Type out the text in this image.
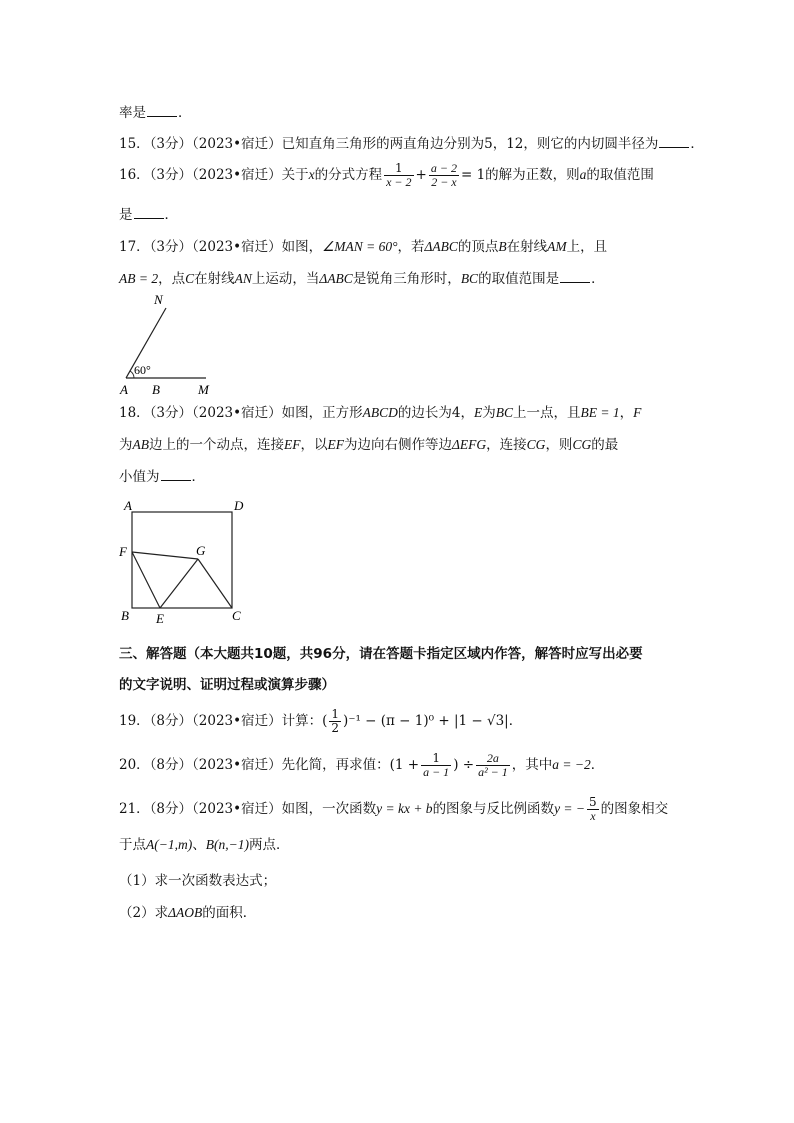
率是 ．
15．（3分）（2023•宿迁）已知直角三角形的两直角边分别为5，12，则它的内切圆半径为 ．
16．（3分）（2023•宿迁）关于x的分式方程 $\frac{1}{x - 2} + \frac{a - 2}{2 - x} = 1$的解为正数，则a的取值范围
是 ．
17．（3分）（2023•宿迁）如图，∠MAN = 60°，若ΔABC的顶点B在射线AM上，且
AB = 2，点C在射线AN上运动，当ΔABC是锐角三角形时，BC的取值范围是 ．
N
60°
A B	M
18．（3分）（2023•宿迁）如图，正方形ABCD的边长为4，E为BC上一点，且BE = 1，F
为AB边上的一个动点，连接EF，以EF为边向右侧作等边ΔEFG，连接CG，则CG的最
小值为 ．
A	D
F	G
B E	C
三、解答题（本大题共10题，共96分，请在答题卡指定区域内作答，解答时应写出必要
的文字说明、证明过程或演算步骤）
19．（8分）（2023•宿迁）计算：( $\frac{1}{2} )^{-1} - (\pi - 1)^0 + |1 - √3|$．
20．（8分）（2023•宿迁）先化简，再求值：($1 + \frac{1}{a - 1}$ ) ÷ $\frac{2a}{\text{a² − 1}}$ ，其中a = −2．
21．（8分）（2023•宿迁）如图，一次函数y = kx + b的图象与反比例函数y = − $\frac{5}{x}$ 的图象相交
于点A(−1,m)、B(n,−1)两点．
（1）求一次函数表达式；
（2）求ΔAOB的面积．
